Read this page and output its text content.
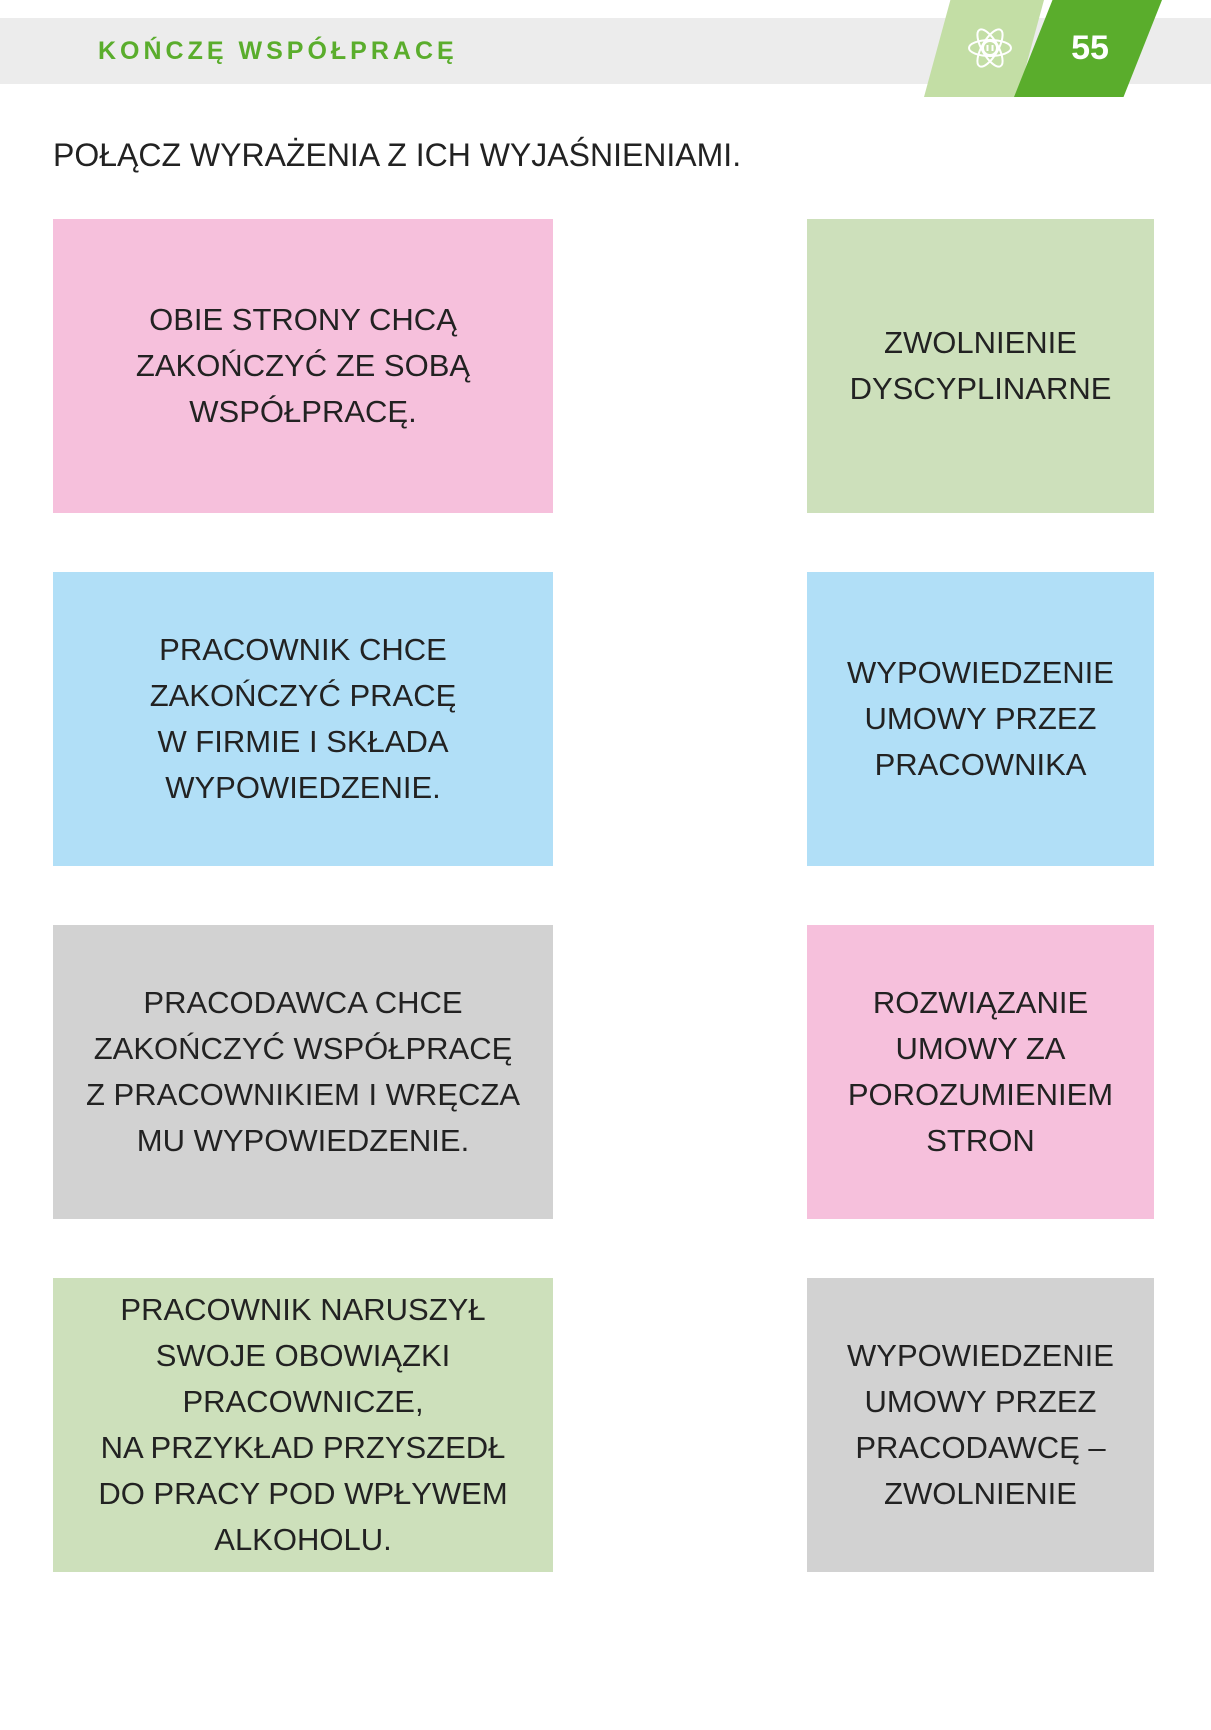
KOŃCZĘ WSPÓŁPRACĘ	55
POŁĄCZ WYRAŻENIA Z ICH WYJAŚNIENIAMI.
OBIE STRONY CHCĄ
ZAKOŃCZYĆ ZE SOBĄ
WSPÓŁPRACĘ.
PRACOWNIK CHCE
ZAKOŃCZYĆ PRACĘ
W FIRMIE I SKŁADA
WYPOWIEDZENIE.
PRACODAWCA CHCE
ZAKOŃCZYĆ WSPÓŁPRACĘ
Z PRACOWNIKIEM I WRĘCZA
MU WYPOWIEDZENIE.
PRACOWNIK NARUSZYŁ
SWOJE OBOWIĄZKI
PRACOWNICZE,
NA PRZYKŁAD PRZYSZEDŁ
DO PRACY POD WPŁYWEM
ALKOHOLU.
ZWOLNIENIE
DYSCYPLINARNE
WYPOWIEDZENIE
UMOWY PRZEZ
PRACOWNIKA
ROZWIĄZANIE
UMOWY ZA
POROZUMIENIEM
STRON
WYPOWIEDZENIE
UMOWY PRZEZ
PRACODAWCĘ –
ZWOLNIENIE
